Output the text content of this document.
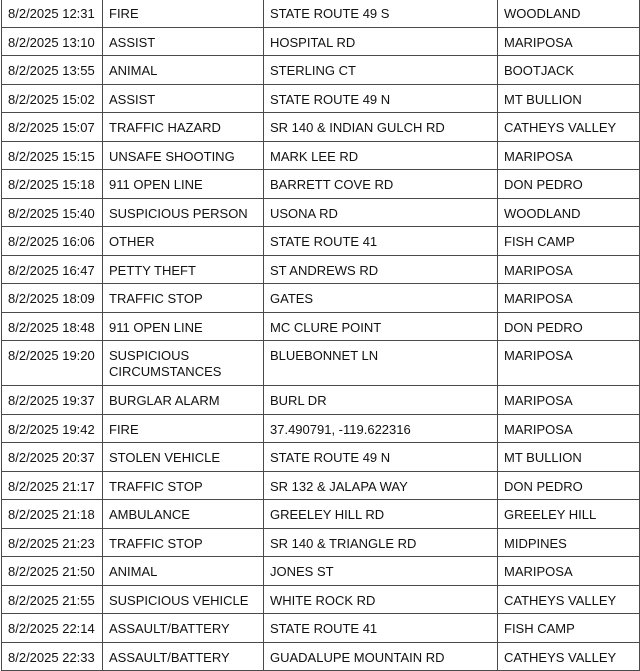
8/2/2025 12:31	FIRE	STATE ROUTE 49 S	WOODLAND
8/2/2025 13:10	ASSIST	HOSPITAL RD	MARIPOSA
8/2/2025 13:55	ANIMAL	STERLING CT	BOOTJACK
8/2/2025 15:02	ASSIST	STATE ROUTE 49 N	MT BULLION
8/2/2025 15:07	TRAFFIC HAZARD	SR 140 & INDIAN GULCH RD	CATHEYS VALLEY
8/2/2025 15:15	UNSAFE SHOOTING	MARK LEE RD	MARIPOSA
8/2/2025 15:18	911 OPEN LINE	BARRETT COVE RD	DON PEDRO
8/2/2025 15:40	SUSPICIOUS PERSON	USONA RD	WOODLAND
8/2/2025 16:06	OTHER	STATE ROUTE 41	FISH CAMP
8/2/2025 16:47	PETTY THEFT	ST ANDREWS RD	MARIPOSA
8/2/2025 18:09	TRAFFIC STOP	GATES	MARIPOSA
8/2/2025 18:48	911 OPEN LINE	MC CLURE POINT	DON PEDRO
8/2/2025 19:20	SUSPICIOUS CIRCUMSTANCES	BLUEBONNET LN	MARIPOSA
8/2/2025 19:37	BURGLAR ALARM	BURL DR	MARIPOSA
8/2/2025 19:42	FIRE	37.490791, -119.622316	MARIPOSA
8/2/2025 20:37	STOLEN VEHICLE	STATE ROUTE 49 N	MT BULLION
8/2/2025 21:17	TRAFFIC STOP	SR 132 & JALAPA WAY	DON PEDRO
8/2/2025 21:18	AMBULANCE	GREELEY HILL RD	GREELEY HILL
8/2/2025 21:23	TRAFFIC STOP	SR 140 & TRIANGLE RD	MIDPINES
8/2/2025 21:50	ANIMAL	JONES ST	MARIPOSA
8/2/2025 21:55	SUSPICIOUS VEHICLE	WHITE ROCK RD	CATHEYS VALLEY
8/2/2025 22:14	ASSAULT/BATTERY	STATE ROUTE 41	FISH CAMP
8/2/2025 22:33	ASSAULT/BATTERY	GUADALUPE MOUNTAIN RD	CATHEYS VALLEY
